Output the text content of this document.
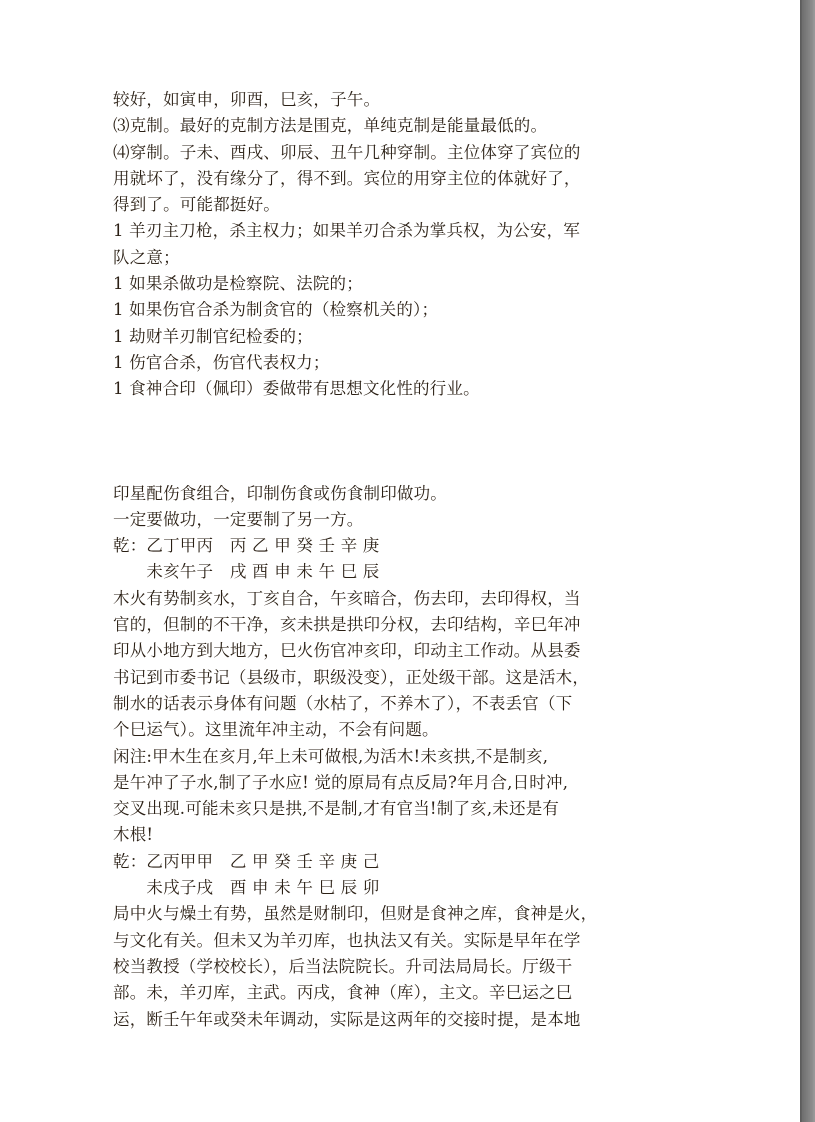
较好，如寅申，卯酉，巳亥，子午。
⑶克制。最好的克制方法是围克，单纯克制是能量最低的。
⑷穿制。子未、酉戌、卯辰、丑午几种穿制。主位体穿了宾位的
用就坏了，没有缘分了，得不到。宾位的用穿主位的体就好了，
得到了。可能都挺好。
1 羊刃主刀枪，杀主权力；如果羊刃合杀为掌兵权，为公安，军
队之意；
1 如果杀做功是检察院、法院的；
1 如果伤官合杀为制贪官的（检察机关的）；
1 劫财羊刃制官纪检委的；
1 伤官合杀，伤官代表权力；
1 食神合印（佩印）委做带有思想文化性的行业。
印星配伤食组合，印制伤食或伤食制印做功。
一定要做功，一定要制了另一方。
乾：乙丁甲丙　丙 乙 甲 癸 壬 辛 庚
　　未亥午子　戌 酉 申 未 午 巳 辰
木火有势制亥水，丁亥自合，午亥暗合，伤去印，去印得权，当
官的，但制的不干净，亥未拱是拱印分权，去印结构，辛巳年冲
印从小地方到大地方，巳火伤官冲亥印，印动主工作动。从县委
书记到市委书记（县级市，职级没变），正处级干部。这是活木，
制水的话表示身体有问题（水枯了，不养木了），不表丢官（下
个巳运气）。这里流年冲主动，不会有问题。
闲注:甲木生在亥月,年上未可做根,为活木!未亥拱,不是制亥,
是午冲了子水,制了子水应! 觉的原局有点反局?年月合,日时冲,
交叉出现.可能未亥只是拱,不是制,才有官当!制了亥,未还是有
木根!
乾：乙丙甲甲　乙 甲 癸 壬 辛 庚 己
　　未戌子戌　酉 申 未 午 巳 辰 卯
局中火与燥土有势，虽然是财制印，但财是食神之库，食神是火，
与文化有关。但未又为羊刃库，也执法又有关。实际是早年在学
校当教授（学校校长），后当法院院长。升司法局局长。厅级干
部。未，羊刃库，主武。丙戌，食神（库），主文。辛巳运之巳
运，断壬午年或癸未年调动，实际是这两年的交接时提，是本地
